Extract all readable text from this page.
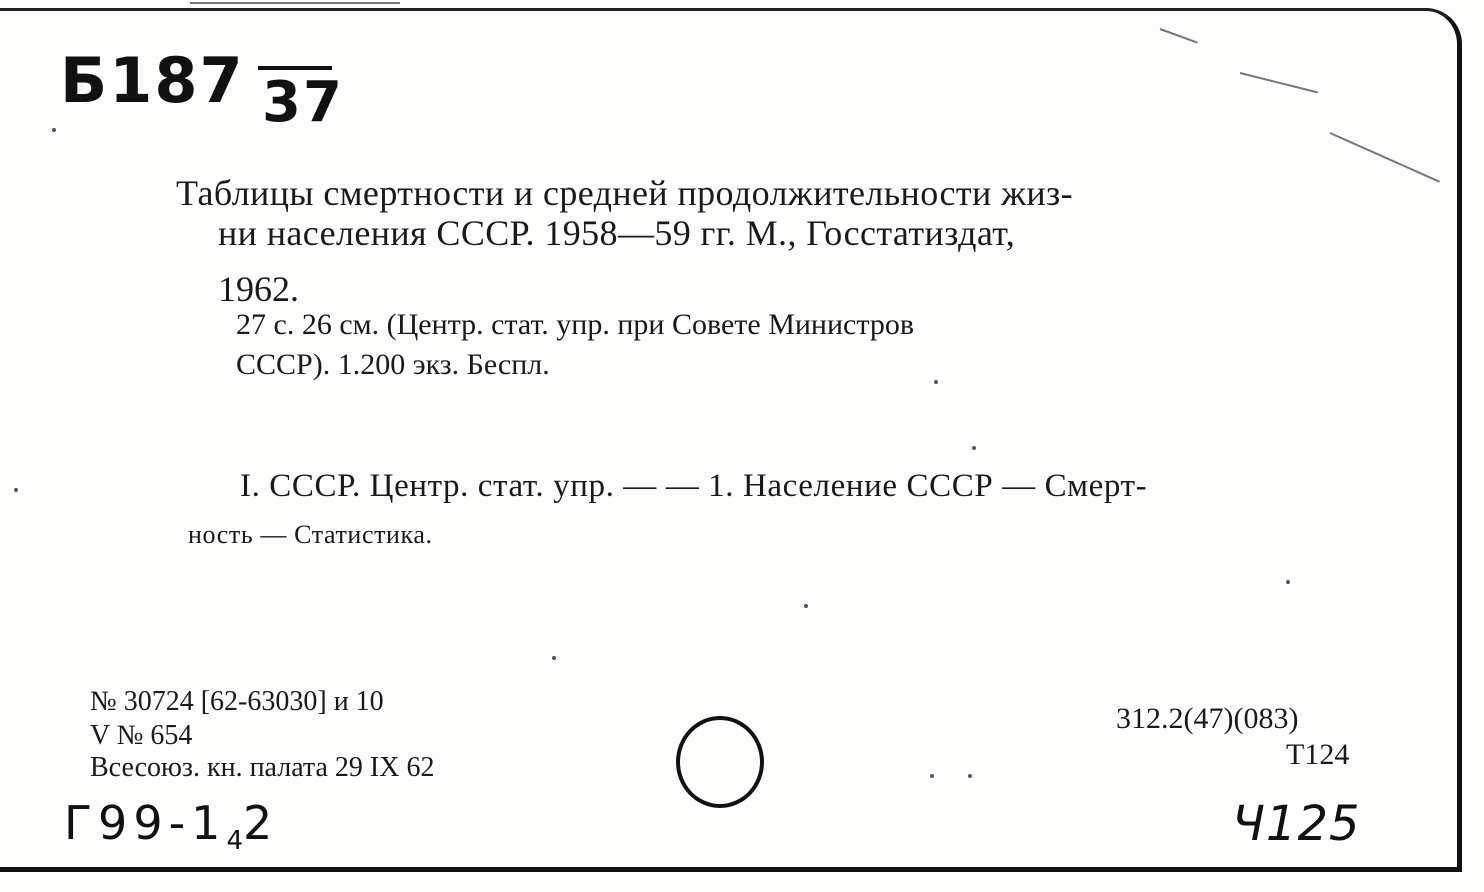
Б187 37
Таблицы смертности и средней продолжительности жиз-
ни населения СССР. 1958—59 гг. М., Госстатиздат,
1962.
27 с. 26 см. (Центр. стат. упр. при Совете Министров
СССР). 1.200 экз. Беспл.
I. СССР. Центр. стат. упр. — — 1. Население СССР — Смерт-
ность — Статистика.
№ 30724 [62-63030] и 10
V № 654
Всесоюз. кн. палата 29 IX 62
312.2(47)(083)
Т124
$Г99-1_42$	Ч125
